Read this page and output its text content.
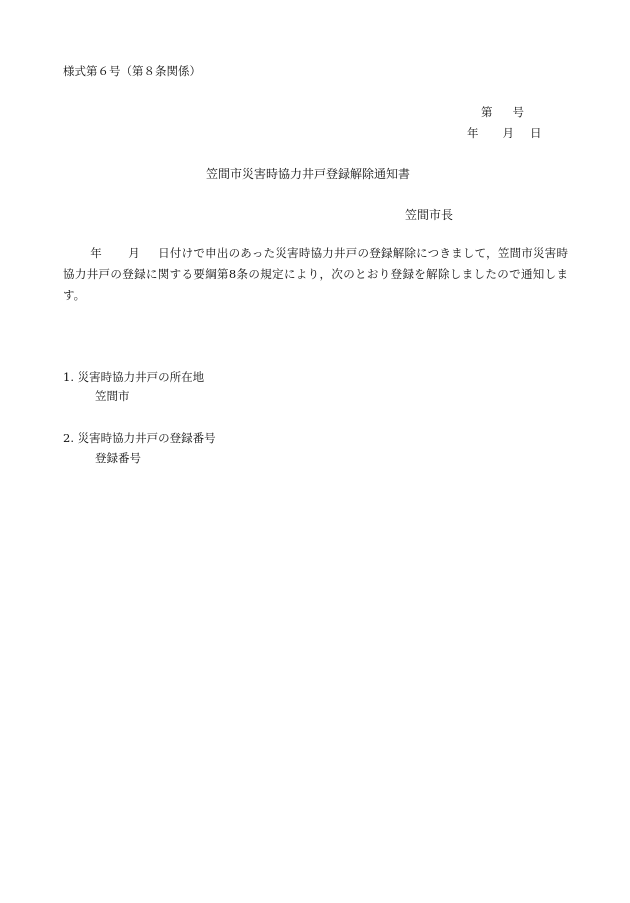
様式第６号（第８条関係）
第 号
年 月 日
笠間市災害時協力井戸登録解除通知書
笠間市長
年 月 日付けで申出のあった災害時協力井戸の登録解除につきまして，笠間市災害時協力井戸の登録に関する要綱第8条の規定により，次のとおり登録を解除しましたので通知します。
1. 災害時協力井戸の所在地
笠間市
2. 災害時協力井戸の登録番号
登録番号
